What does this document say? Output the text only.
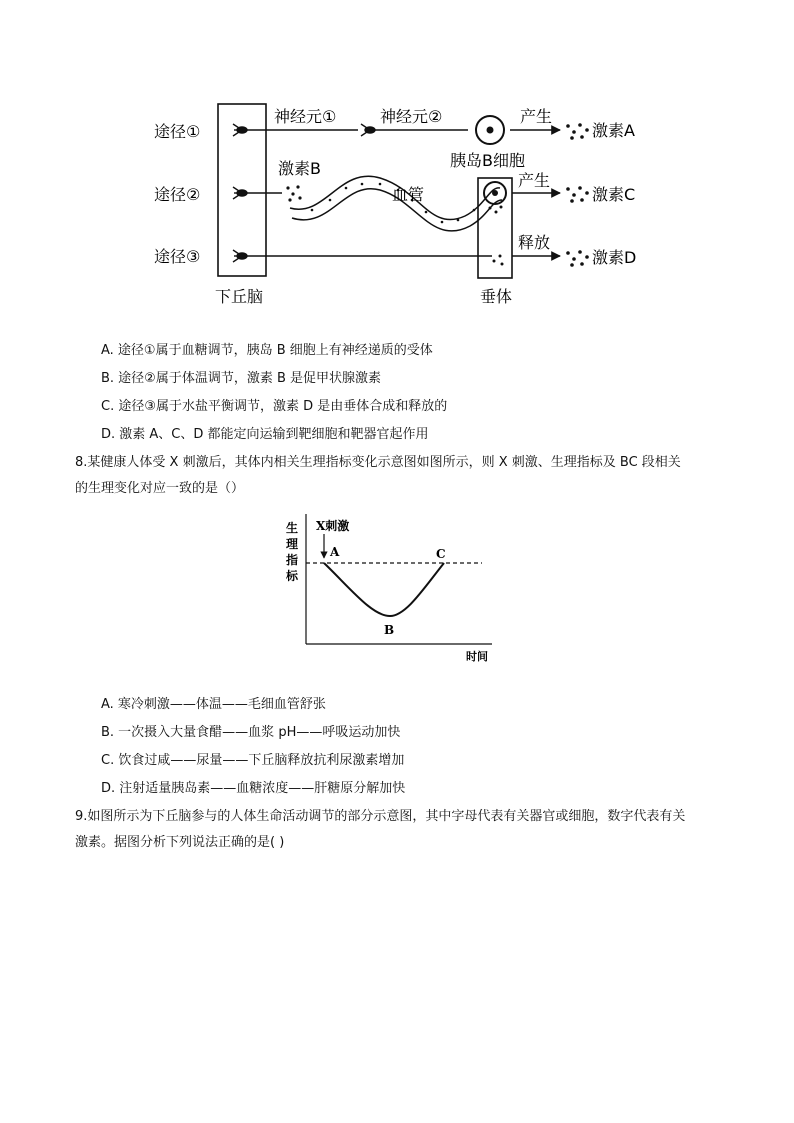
途径①
途径②
途径③
神经元①	神经元②
胰岛B细胞
产生
激素A
激素B
血管
产生
激素C
释放
激素D
下丘脑	垂体
A. 途径①属于血糖调节，胰岛 B 细胞上有神经递质的受体
B. 途径②属于体温调节，激素 B 是促甲状腺激素
C. 途径③属于水盐平衡调节，激素 D 是由垂体合成和释放的
D. 激素 A、C、D 都能定向运输到靶细胞和靶器官起作用
8.某健康人体受 X 刺激后，其体内相关生理指标变化示意图如图所示，则 X 刺激、生理指标及 BC 段相关
的生理变化对应一致的是（）
生
理
指
标
时间
X刺激
A
B
C
A. 寒冷刺激——体温——毛细血管舒张
B. 一次摄入大量食醋——血浆 pH——呼吸运动加快
C. 饮食过咸——尿量——下丘脑释放抗利尿激素增加
D. 注射适量胰岛素——血糖浓度——肝糖原分解加快
9.如图所示为下丘脑参与的人体生命活动调节的部分示意图，其中字母代表有关器官或细胞，数字代表有关
激素。据图分析下列说法正确的是( )
